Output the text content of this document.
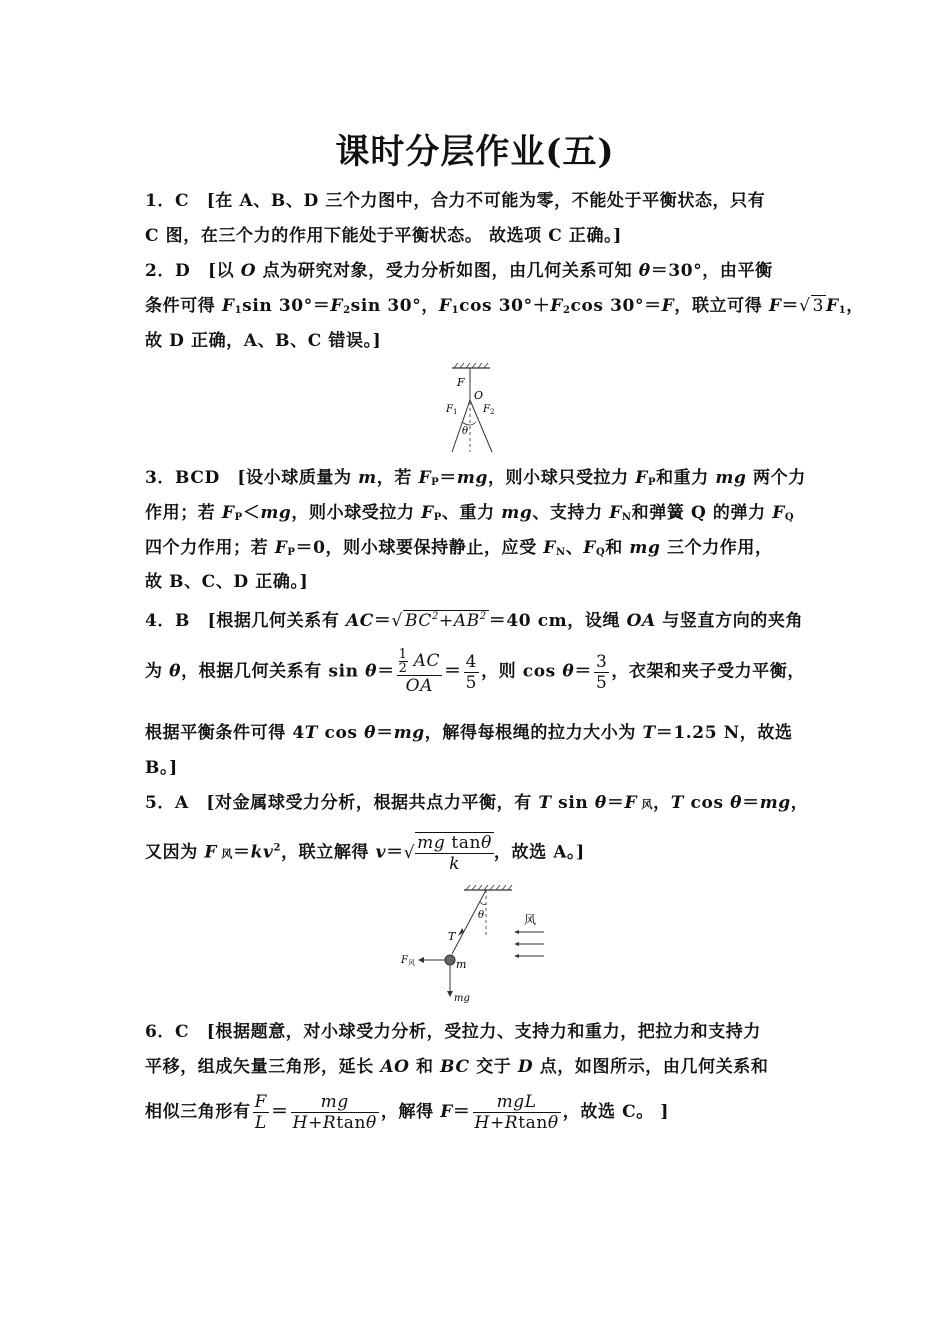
课时分层作业(五)
1．C　[在 A、B、D 三个力图中，合力不可能为零，不能处于平衡状态，只有
C 图，在三个力的作用下能处于平衡状态。 故选项 C 正确。]
2．D　[以 O 点为研究对象，受力分析如图，由几何关系可知 θ＝30°，由平衡
条件可得 $F_1\sin$ $30^\circ=F_2\sin$ 30°，$F_1\cos$ $30^\circ+F_2\cos$ 30°＝F，联立可得 F＝√ 3 $F_1$，
故 D 正确，A、B、C 错误。]
F
O
$F_1$	$F_2$
θ
3．BCD　[设小球质量为 m，若 $F_P=mg$，则小球只受拉力 $F_P$和重力 mg 两个力
作用；若 $F_P<mg$，则小球受拉力 $F_P$、重力 mg、支持力 $F_N$和弹簧 Q 的弹力 $F_Q$
四个力作用；若 $F_P=0$，则小球要保持静止，应受 $F_N$、$F_Q$和 mg 三个力作用，
故 B、C、D 正确。]
4．B　[根据几何关系有 AC＝√ $BC^2+AB^2 =40$ cm，设绳 OA 与竖直方向的夹角
为 θ，根据几何关系有 $\sin \theta= \frac{\frac{1}{2} AC}{OA} = \frac{4}{5}$ ，则 $\cos \theta= \frac{3}{5}$ ，衣架和夹子受力平衡，
根据平衡条件可得 4T cos θ＝mg，解得每根绳的拉力大小为 T＝1.25 N，故选
B。]
5．A　[对金属球受力分析，根据共点力平衡，有 T sin θ＝F 风，T cos θ＝mg，
又因为 F 风$=kv^2$，联立解得 $v=√ \frac{\text{mg tanθ}}{k}$ ，故选 A。]
风
T
θ
m
$F_风$
mg
6．C　[根据题意，对小球受力分析，受拉力、支持力和重力，把拉力和支持力
平移，组成矢量三角形，延长 AO 和 BC 交于 D 点，如图所示，由几何关系和
相似三角形有 $\frac{F}{L} = \frac{mg}{H+Rtan\theta}$ ，解得 $F= \frac{\text{mgL}}{H+Rtan\theta}$ ，故选 C。 ]
